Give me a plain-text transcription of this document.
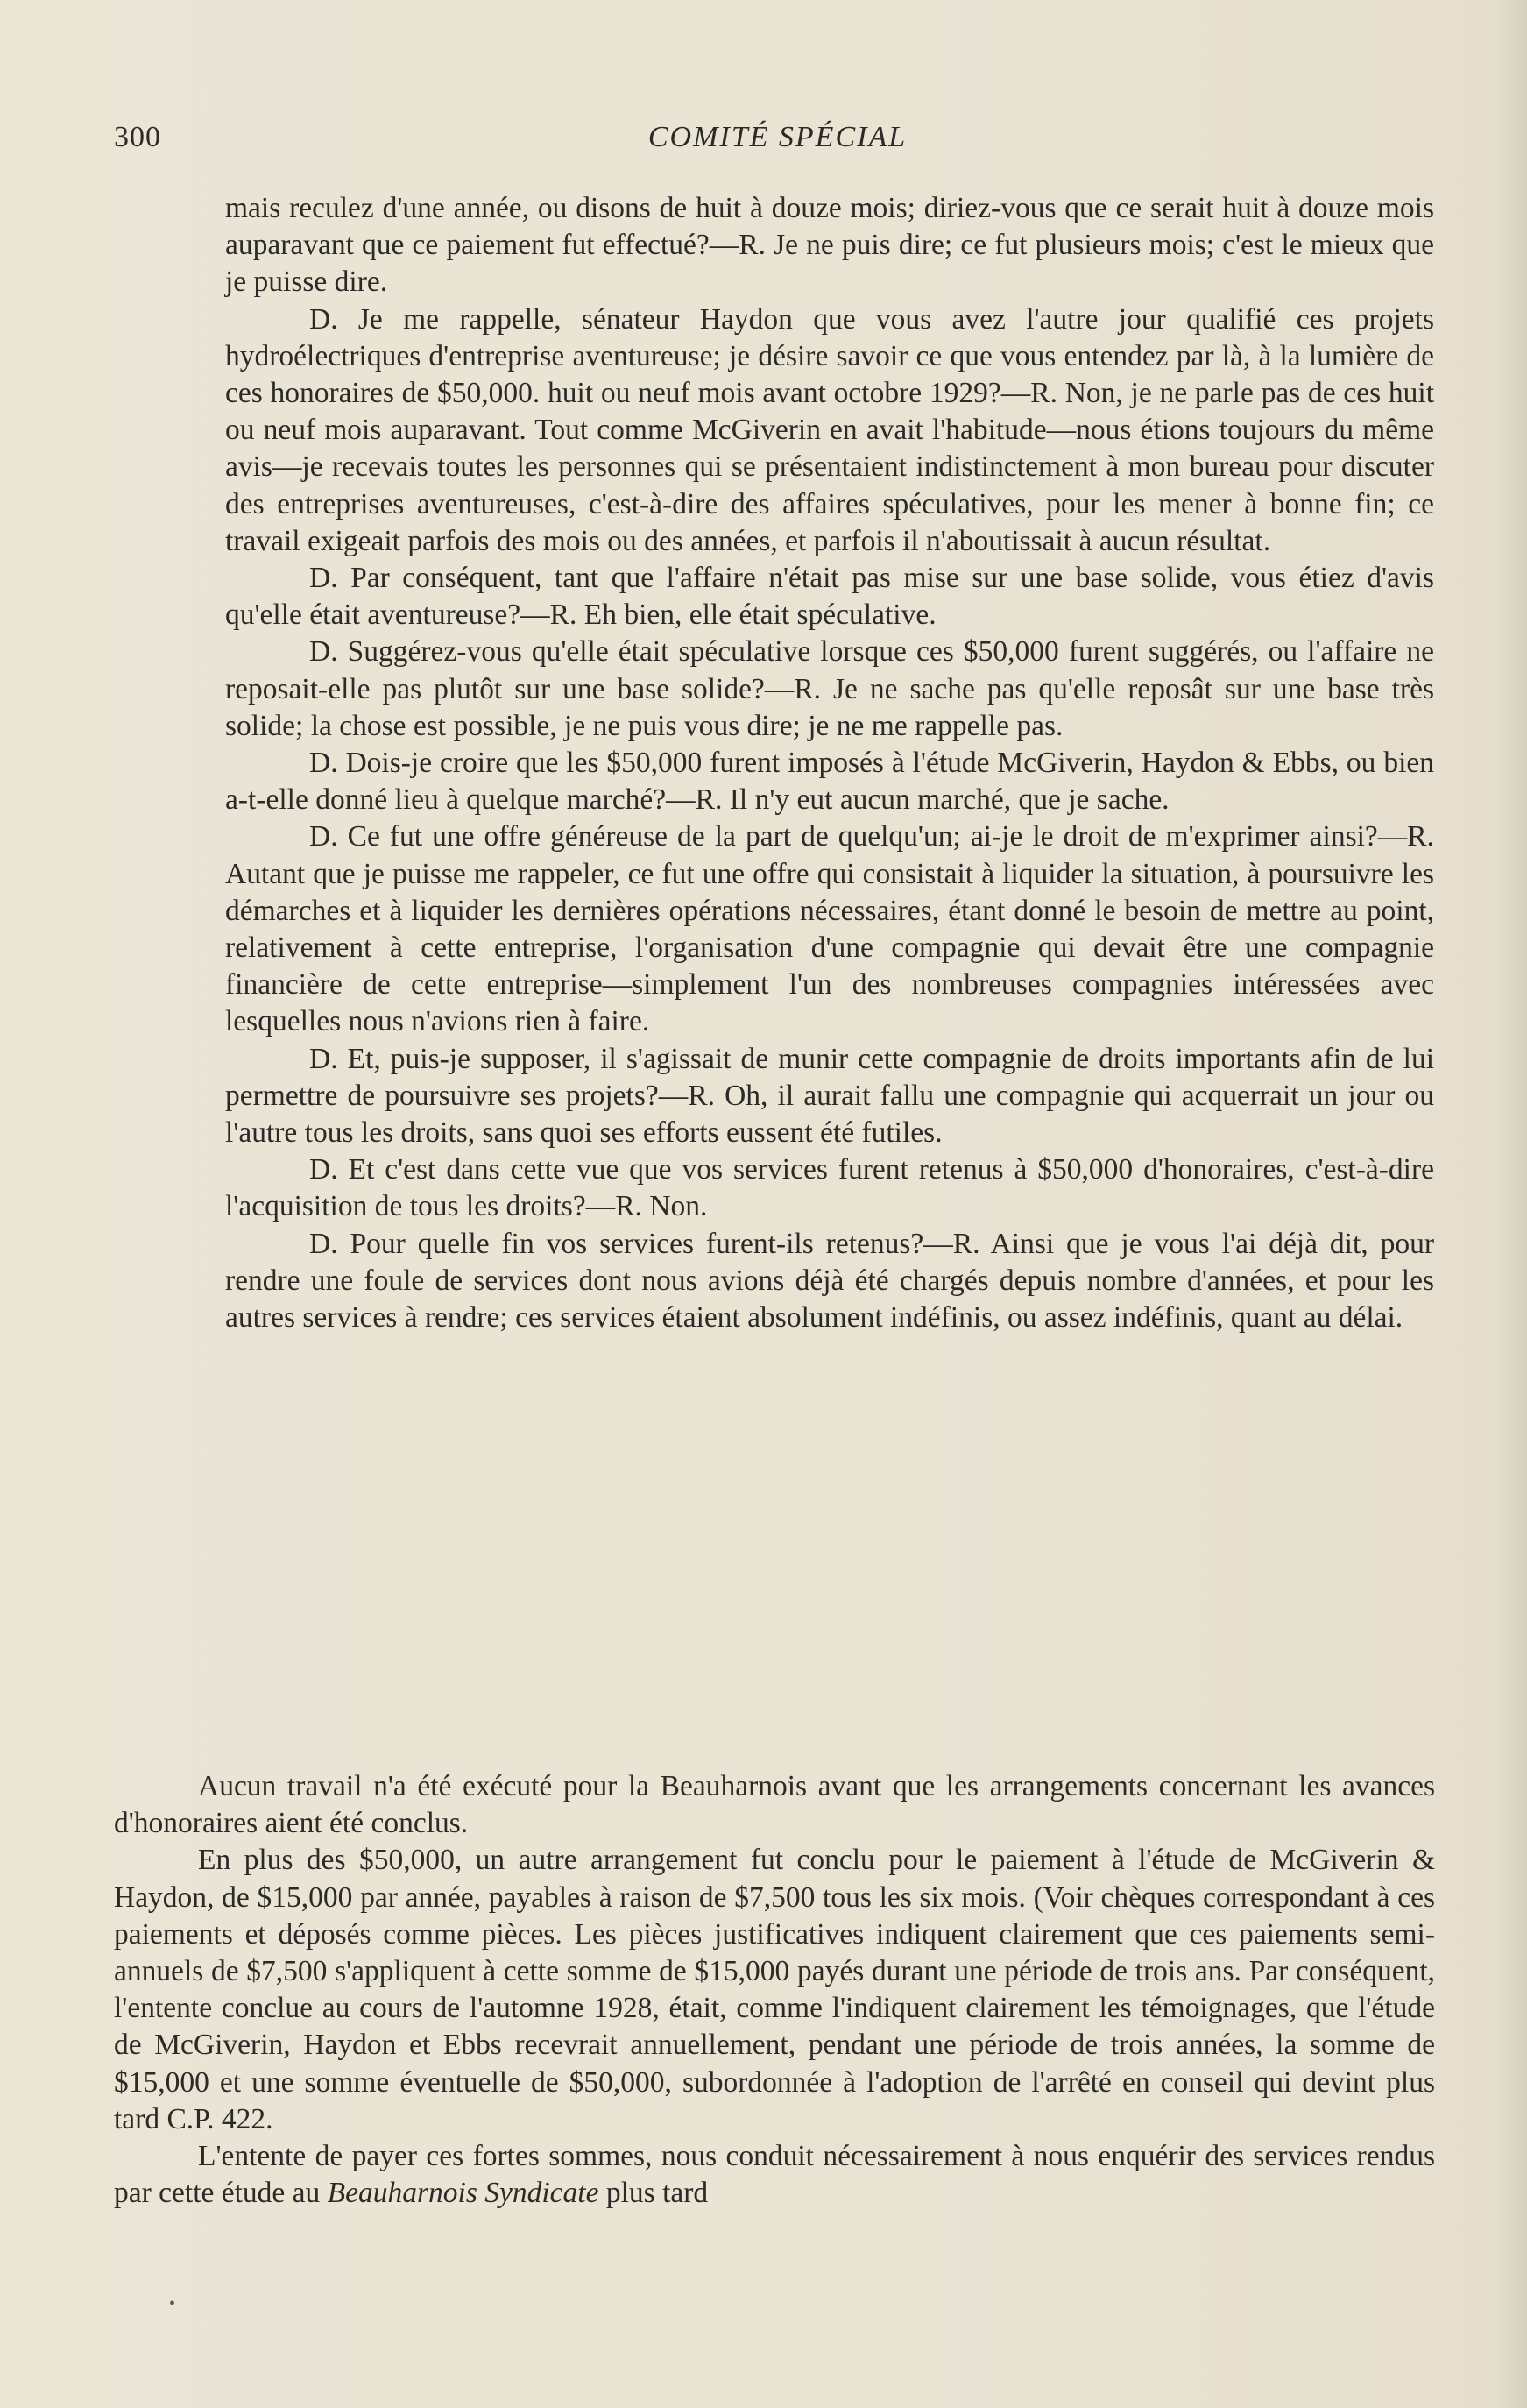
300	COMITÉ SPÉCIAL

mais reculez d'une année, ou disons de huit à douze mois; diriez-vous que ce serait huit à douze mois auparavant que ce paiement fut effectué?—R. Je ne puis dire; ce fut plusieurs mois; c'est le mieux que je puisse dire.

D. Je me rappelle, sénateur Haydon que vous avez l'autre jour qualifié ces projets hydroélectriques d'entreprise aventureuse; je désire savoir ce que vous entendez par là, à la lumière de ces honoraires de $50,000. huit ou neuf mois avant octobre 1929?—R. Non, je ne parle pas de ces huit ou neuf mois auparavant. Tout comme McGiverin en avait l'habitude—nous étions toujours du même avis—je recevais toutes les personnes qui se présentaient indistinctement à mon bureau pour discuter des entreprises aventureuses, c'est-à-dire des affaires spéculatives, pour les mener à bonne fin; ce travail exigeait parfois des mois ou des années, et parfois il n'aboutissait à aucun résultat.

D. Par conséquent, tant que l'affaire n'était pas mise sur une base solide, vous étiez d'avis qu'elle était aventureuse?—R. Eh bien, elle était spéculative.

D. Suggérez-vous qu'elle était spéculative lorsque ces $50,000 furent suggérés, ou l'affaire ne reposait-elle pas plutôt sur une base solide?—R. Je ne sache pas qu'elle reposât sur une base très solide; la chose est possible, je ne puis vous dire; je ne me rappelle pas.

D. Dois-je croire que les $50,000 furent imposés à l'étude McGiverin, Haydon & Ebbs, ou bien a-t-elle donné lieu à quelque marché?—R. Il n'y eut aucun marché, que je sache.

D. Ce fut une offre généreuse de la part de quelqu'un; ai-je le droit de m'exprimer ainsi?—R. Autant que je puisse me rappeler, ce fut une offre qui consistait à liquider la situation, à poursuivre les démarches et à liquider les dernières opérations nécessaires, étant donné le besoin de mettre au point, relativement à cette entreprise, l'organisation d'une compagnie qui devait être une compagnie financière de cette entreprise—simplement l'un des nombreuses compagnies intéressées avec lesquelles nous n'avions rien à faire.

D. Et, puis-je supposer, il s'agissait de munir cette compagnie de droits importants afin de lui permettre de poursuivre ses projets?—R. Oh, il aurait fallu une compagnie qui acquerrait un jour ou l'autre tous les droits, sans quoi ses efforts eussent été futiles.

D. Et c'est dans cette vue que vos services furent retenus à $50,000 d'honoraires, c'est-à-dire l'acquisition de tous les droits?—R. Non.

D. Pour quelle fin vos services furent-ils retenus?—R. Ainsi que je vous l'ai déjà dit, pour rendre une foule de services dont nous avions déjà été chargés depuis nombre d'années, et pour les autres services à rendre; ces services étaient absolument indéfinis, ou assez indéfinis, quant au délai.

Aucun travail n'a été exécuté pour la Beauharnois avant que les arrangements concernant les avances d'honoraires aient été conclus.

En plus des $50,000, un autre arrangement fut conclu pour le paiement à l'étude de McGiverin & Haydon, de $15,000 par année, payables à raison de $7,500 tous les six mois. (Voir chèques correspondant à ces paiements et déposés comme pièces. Les pièces justificatives indiquent clairement que ces paiements semi-annuels de $7,500 s'appliquent à cette somme de $15,000 payés durant une période de trois ans. Par conséquent, l'entente conclue au cours de l'automne 1928, était, comme l'indiquent clairement les témoignages, que l'étude de McGiverin, Haydon et Ebbs recevrait annuellement, pendant une période de trois années, la somme de $15,000 et une somme éventuelle de $50,000, subordonnée à l'adoption de l'arrêté en conseil qui devint plus tard C.P. 422.

L'entente de payer ces fortes sommes, nous conduit nécessairement à nous enquérir des services rendus par cette étude au Beauharnois Syndicate plus tard

•
